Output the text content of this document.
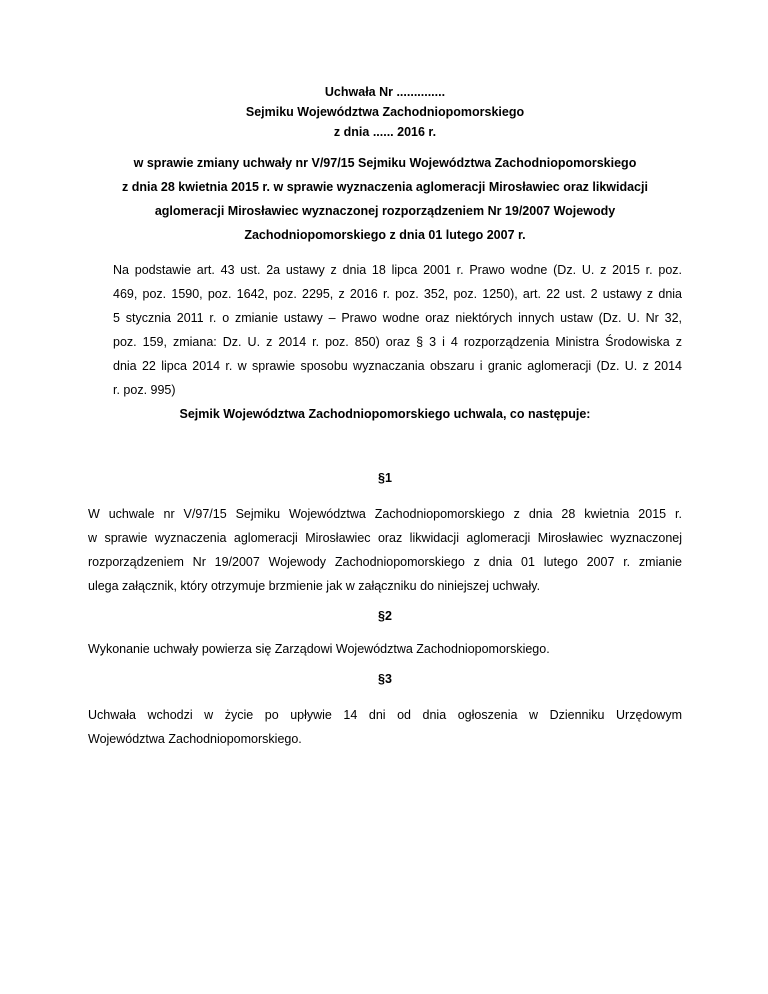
Uchwała Nr ..............
Sejmiku Województwa Zachodniopomorskiego
z dnia ...... 2016 r.
w sprawie zmiany uchwały nr V/97/15 Sejmiku Województwa Zachodniopomorskiego
z dnia 28 kwietnia 2015 r. w sprawie wyznaczenia aglomeracji Mirosławiec oraz likwidacji
aglomeracji Mirosławiec wyznaczonej rozporządzeniem Nr 19/2007 Wojewody
Zachodniopomorskiego z dnia 01 lutego 2007 r.
Na podstawie art. 43 ust. 2a ustawy z dnia 18 lipca 2001 r. Prawo wodne (Dz. U. z 2015 r. poz.
469, poz. 1590, poz. 1642, poz. 2295, z 2016 r. poz. 352, poz. 1250), art. 22 ust. 2 ustawy z dnia
5 stycznia 2011 r. o zmianie ustawy – Prawo wodne oraz niektórych innych ustaw (Dz. U. Nr 32,
poz. 159, zmiana: Dz. U. z 2014 r. poz. 850) oraz § 3 i 4 rozporządzenia Ministra Środowiska z
dnia 22 lipca 2014 r. w sprawie sposobu wyznaczania obszaru i granic aglomeracji (Dz. U. z 2014
r. poz. 995)
Sejmik Województwa Zachodniopomorskiego uchwala, co następuje:
§1
W uchwale nr V/97/15 Sejmiku Województwa Zachodniopomorskiego z dnia 28 kwietnia 2015 r.
w sprawie wyznaczenia aglomeracji Mirosławiec oraz likwidacji aglomeracji Mirosławiec wyznaczonej
rozporządzeniem Nr 19/2007 Wojewody Zachodniopomorskiego z dnia 01 lutego 2007 r. zmianie
ulega załącznik, który otrzymuje brzmienie jak w załączniku do niniejszej uchwały.
§2
Wykonanie uchwały powierza się Zarządowi Województwa Zachodniopomorskiego.
§3
Uchwała wchodzi w życie po upływie 14 dni od dnia ogłoszenia w Dzienniku Urzędowym
Województwa Zachodniopomorskiego.
